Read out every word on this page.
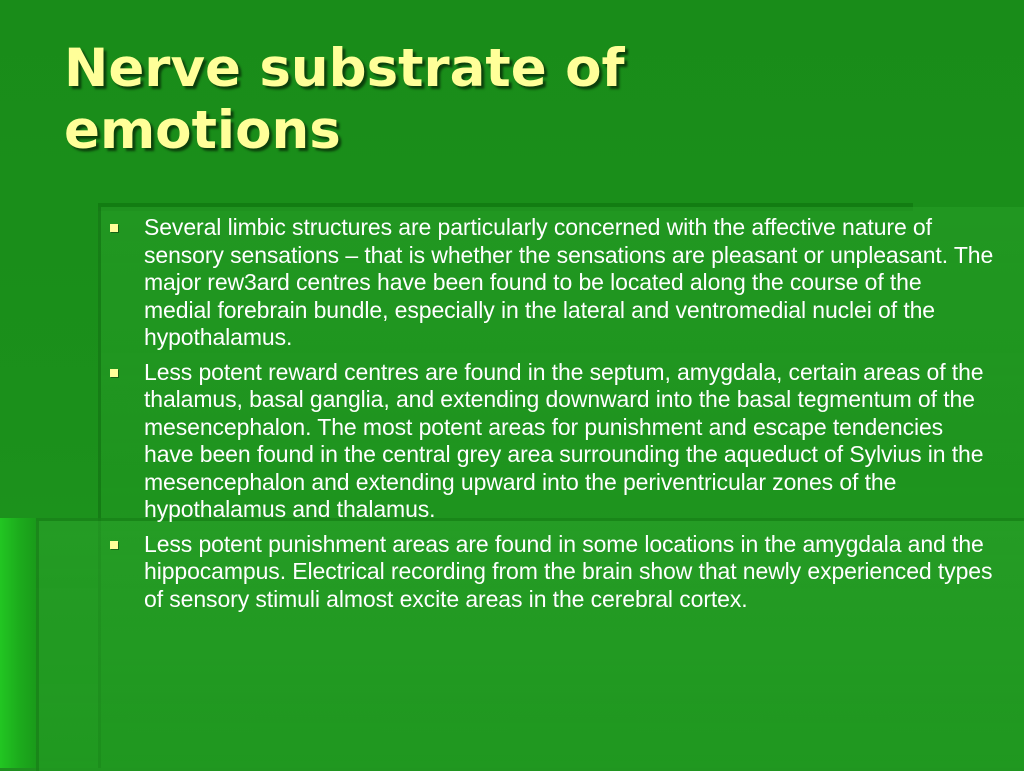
Nerve substrate of
emotions
Several limbic structures are particularly concerned with the affective nature of sensory sensations – that is whether the sensations are pleasant or unpleasant. The major rew3ard centres have been found to be located along the course of the medial forebrain bundle, especially in the lateral and ventromedial nuclei of the hypothalamus.
Less potent reward centres are found in the septum, amygdala, certain areas of the thalamus, basal ganglia, and extending downward into the basal tegmentum of the mesencephalon. The most potent areas for punishment and escape tendencies have been found in the central grey area surrounding the aqueduct of Sylvius in the mesencephalon and extending upward into the periventricular zones of the hypothalamus and thalamus.
Less potent punishment areas are found in some locations in the amygdala and the hippocampus. Electrical recording from the brain show that newly experienced types of sensory stimuli almost excite areas in the cerebral cortex.
